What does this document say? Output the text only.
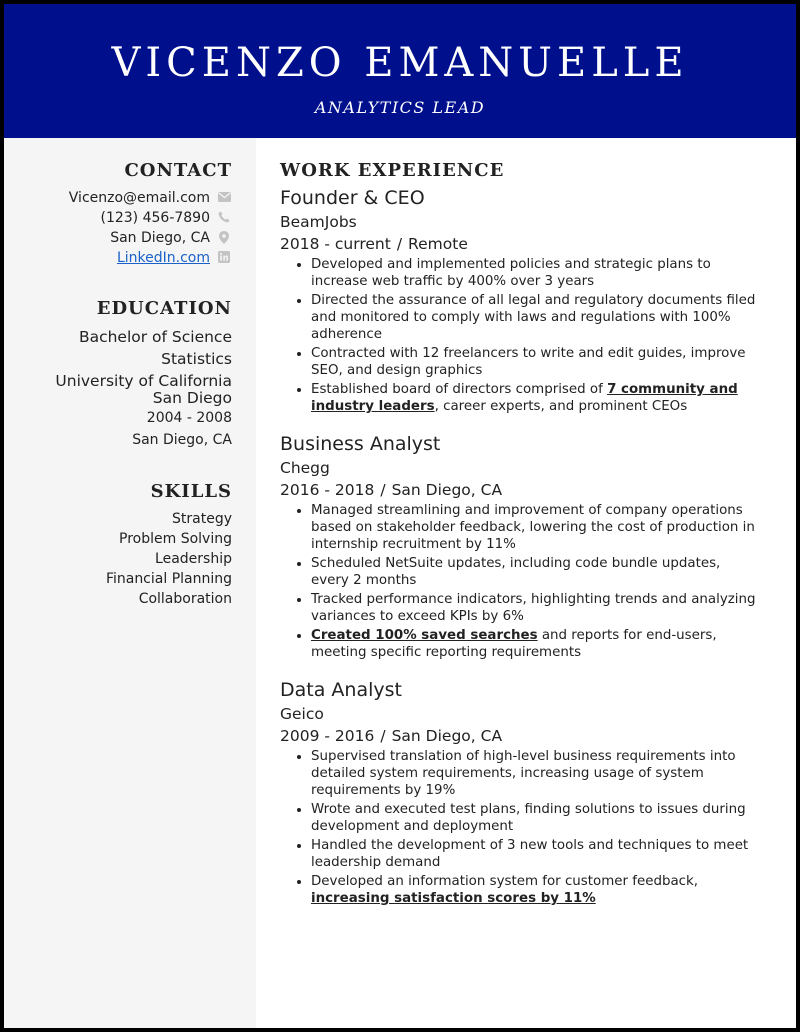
VICENZO EMANUELLE
ANALYTICS LEAD
CONTACT
Vicenzo@email.com
(123) 456-7890
San Diego, CA
LinkedIn.com
EDUCATION
Bachelor of Science
Statistics
University of California
San Diego
2004 - 2008
San Diego, CA
SKILLS
Strategy
Problem Solving
Leadership
Financial Planning
Collaboration
WORK EXPERIENCE
Founder & CEO
BeamJobs
2018 - current / Remote
• Developed and implemented policies and strategic plans to increase web traffic by 400% over 3 years
• Directed the assurance of all legal and regulatory documents filed and monitored to comply with laws and regulations with 100% adherence
• Contracted with 12 freelancers to write and edit guides, improve SEO, and design graphics
• Established board of directors comprised of 7 community and industry leaders, career experts, and prominent CEOs
Business Analyst
Chegg
2016 - 2018 / San Diego, CA
• Managed streamlining and improvement of company operations based on stakeholder feedback, lowering the cost of production in internship recruitment by 11%
• Scheduled NetSuite updates, including code bundle updates, every 2 months
• Tracked performance indicators, highlighting trends and analyzing variances to exceed KPIs by 6%
• Created 100% saved searches and reports for end-users, meeting specific reporting requirements
Data Analyst
Geico
2009 - 2016 / San Diego, CA
• Supervised translation of high-level business requirements into detailed system requirements, increasing usage of system requirements by 19%
• Wrote and executed test plans, finding solutions to issues during development and deployment
• Handled the development of 3 new tools and techniques to meet leadership demand
• Developed an information system for customer feedback, increasing satisfaction scores by 11%
